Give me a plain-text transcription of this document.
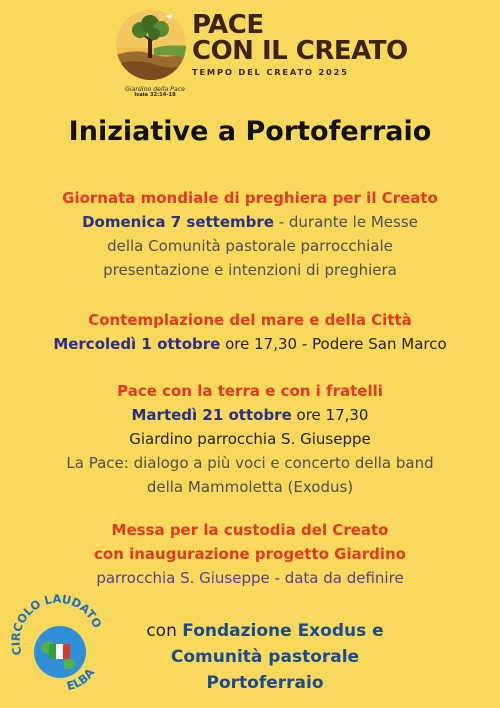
Giardino della Pace
Isaia 32:14-18
PACE
CON IL CREATO
TEMPO DEL CREATO 2025
Iniziative a Portoferraio
Giornata mondiale di preghiera per il Creato
Domenica 7 settembre - durante le Messe
della Comunità pastorale parrocchiale
presentazione e intenzioni di preghiera
Contemplazione del mare e della Città
Mercoledì 1 ottobre ore 17,30 - Podere San Marco
Pace con la terra e con i fratelli
Martedì 21 ottobre ore 17,30
Giardino parrocchia S. Giuseppe
La Pace: dialogo a più voci e concerto della band
della Mammoletta (Exodus)
Messa per la custodia del Creato
con inaugurazione progetto Giardino
parrocchia S. Giuseppe - data da definire
CIRCOLO LAUDATO
ELBA
con Fondazione Exodus e
Comunità pastorale
Portoferraio
